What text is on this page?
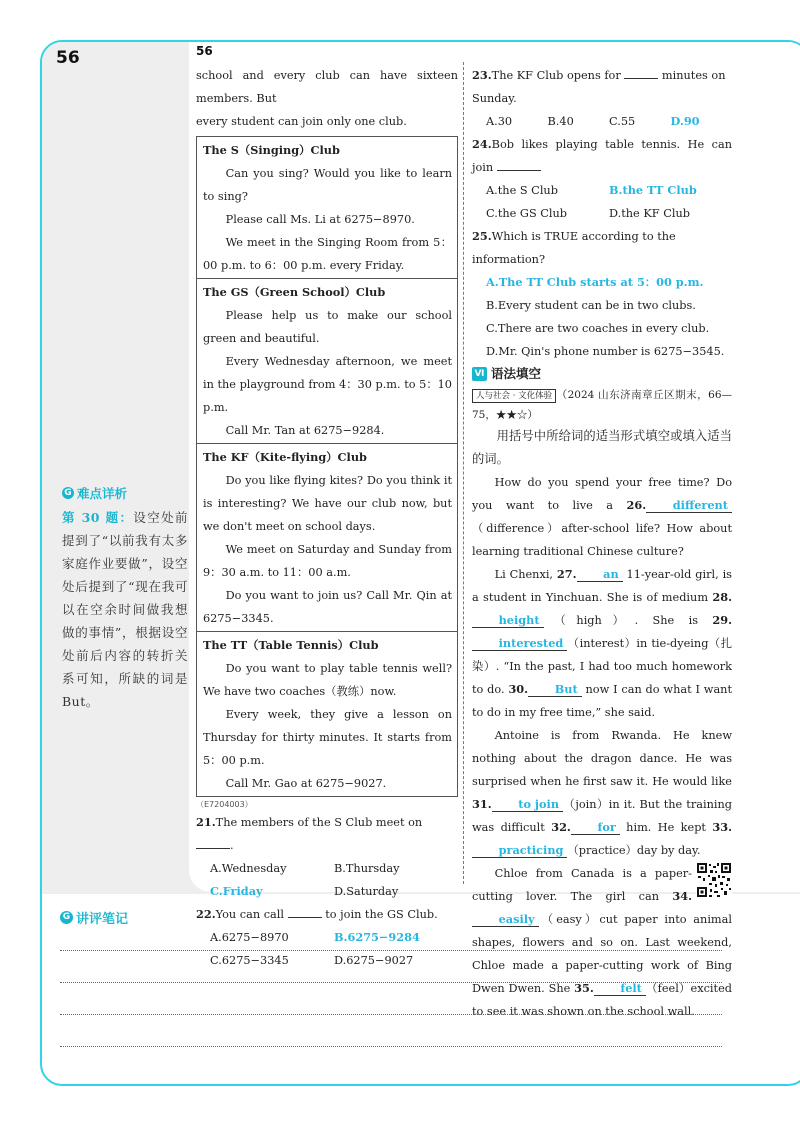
56	56
G 难点详析
第 30 题：设空处前提到了“以前我有太多家庭作业要做”，设空处后提到了“现在我可以在空余时间做我想做的事情”，根据设空处前后内容的转折关系可知，所缺的词是 But。

school and every club can have sixteen members. But

every student can join only one club.

The S（Singing）Club

Can you sing? Would you like to learn to sing?

Please call Ms. Li at 6275−8970.

We meet in the Singing Room from 5：00 p.m. to 6：00 p.m. every Friday.

The GS（Green School）Club

Please help us to make our school green and beautiful.

Every Wednesday afternoon, we meet in the playground from 4：30 p.m. to 5：10 p.m.

Call Mr. Tan at 6275−9284.

The KF（Kite-flying）Club

Do you like flying kites? Do you think it is interesting? We have our club now, but we don't meet on school days.

We meet on Saturday and Sunday from 9：30 a.m. to 11：00 a.m.

Do you want to join us? Call Mr. Qin at 6275−3345.

The TT（Table Tennis）Club

Do you want to play table tennis well? We have two coaches（教练）now.

Every week, they give a lesson on Thursday for thirty minutes. It starts from 5：00 p.m.

Call Mr. Gao at 6275−9027.

（E7204003）

21.The members of the S Club meet on .

A.Wednesday	B.Thursday
C.Friday	D.Saturday

22.You can call	to join the GS Club.

A.6275−8970	B.6275−9284
C.6275−3345	D.6275−9027

23.The KF Club opens for	minutes on Sunday.

A.30	B.40	C.55	D.90

24.Bob likes playing table tennis. He can join

A.the S Club	B.the TT Club
C.the GS Club	D.the KF Club

25.Which is TRUE according to the information?

A.The TT Club starts at 5：00 p.m.

B.Every student can be in two clubs.

C.There are two coaches in every club.

D.Mr. Qin's phone number is 6275−3545.

Ⅵ 语法填空

人与社会 · 文化体验 （2024 山东济南章丘区期末，66—75，★★☆）

用括号中所给词的适当形式填空或填入适当的词。

How do you spend your free time? Do you want to live a 26. different（difference）after-school life? How about learning traditional Chinese culture?

Li Chenxi, 27. an 11-year-old girl, is a student in Yinchuan. She is of medium 28.height （high）. She is 29.interested （interest）in tie-dyeing（扎染）. “In the past, I had too much homework to do. 30. But now I can do what I want to do in my free time,” she said.

Antoine is from Rwanda. He knew nothing about the dragon dance. He was surprised when he first saw it. He would like 31. to join （join）in it. But the training was difficult 32. for him. He kept 33.practicing （practice）day by day.

Chloe from Canada is a paper-cutting lover. The girl can 34.easily （easy）cut paper into animal shapes, flowers and so on. Last weekend, Chloe made a paper-cutting work of Bing Dwen Dwen. She 35. felt （feel）excited to see it was shown on the school wall.

G 讲评笔记
